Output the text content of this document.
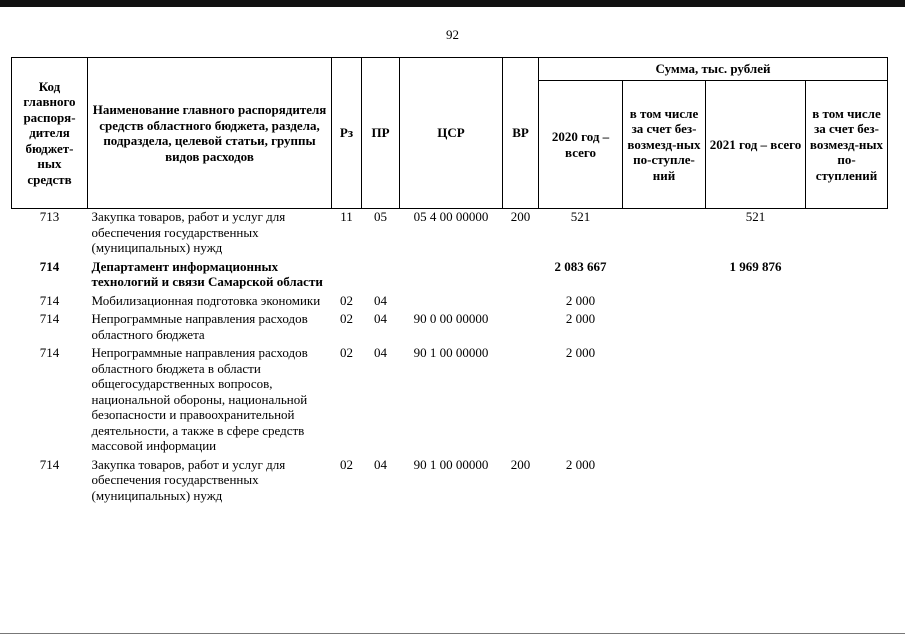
92
Код главного распоря-дителя бюджет-ных средств	Наименование главного распорядителя средств областного бюджета, раздела, подраздела, целевой статьи, группы видов расходов	Рз	ПР	ЦСР	ВР	Сумма, тыс. рублей			
						2020 год – всего	в том числе за счет без-возмезд-ных по-ступле-ний	2021 год – всего	в том числе за счет без-возмезд-ных по-ступлений
713	Закупка товаров, работ и услуг для обеспечения государственных (муниципальных) нужд	11	05	05 4 00 00000	200	521		521	
714	Департамент информационных технологий и связи Самарской области					2 083 667		1 969 876	
714	Мобилизационная подготовка экономики	02	04			2 000			
714	Непрограммные направления расходов областного бюджета	02	04	90 0 00 00000		2 000			
714	Непрограммные направления расходов областного бюджета в области общегосударственных вопросов, национальной обороны, национальной безопасности и правоохранительной деятельности, а также в сфере средств массовой информации	02	04	90 1 00 00000		2 000			
714	Закупка товаров, работ и услуг для обеспечения государственных (муниципальных) нужд	02	04	90 1 00 00000	200	2 000			
